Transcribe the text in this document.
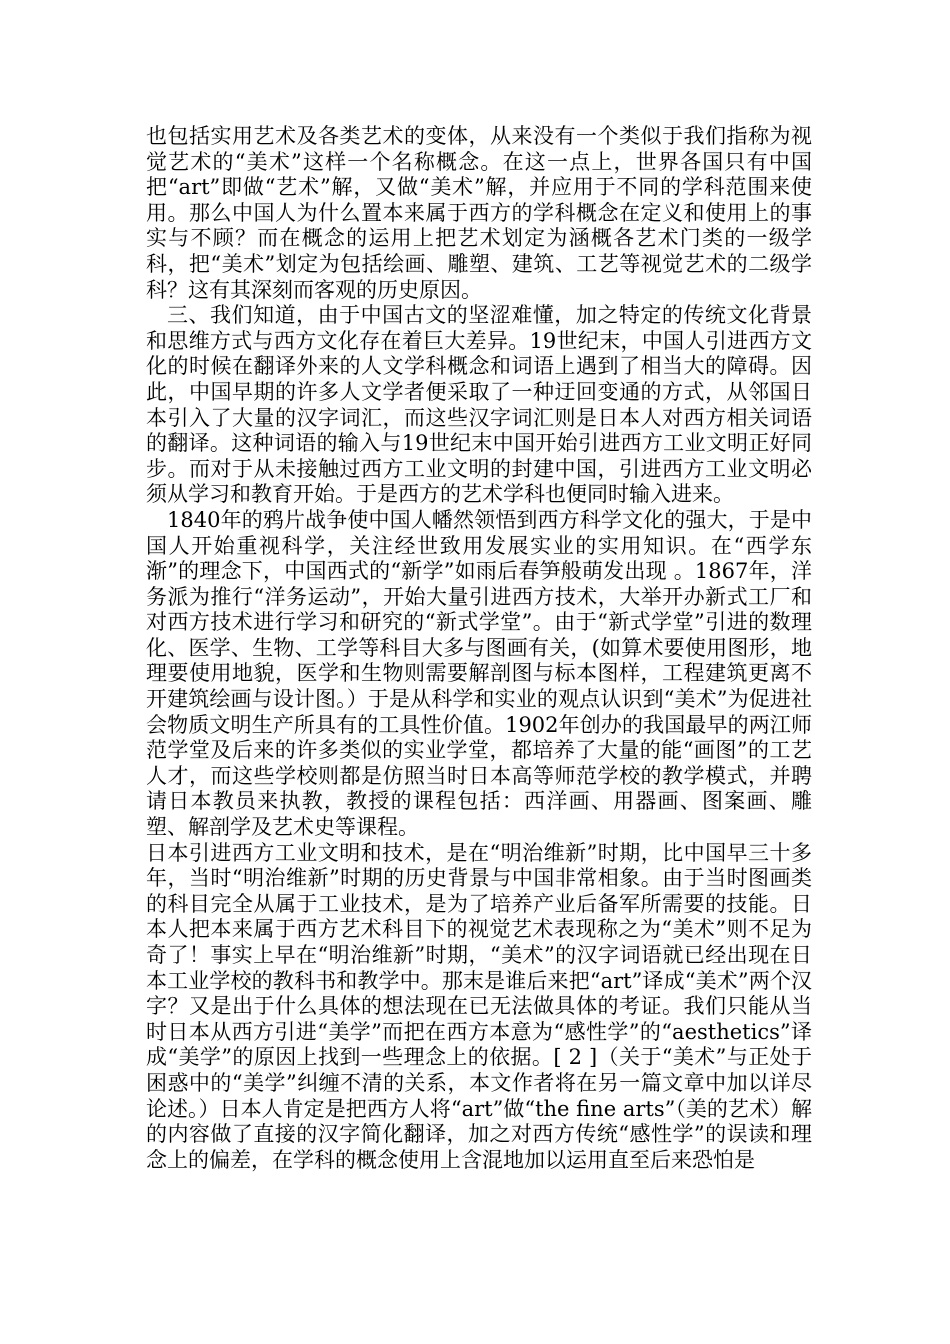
也包括实用艺术及各类艺术的变体，从来没有一个类似于我们指称为视觉艺术的“美术”这样一个名称概念。在这一点上，世界各国只有中国把“art”即做“艺术”解，又做“美术”解，并应用于不同的学科范围来使用。那么中国人为什么置本来属于西方的学科概念在定义和使用上的事实与不顾？而在概念的运用上把艺术划定为涵概各艺术门类的一级学科，把“美术”划定为包括绘画、雕塑、建筑、工艺等视觉艺术的二级学科？这有其深刻而客观的历史原因。

三、我们知道，由于中国古文的坚涩难懂，加之特定的传统文化背景和思维方式与西方文化存在着巨大差异。19世纪末，中国人引进西方文化的时候在翻译外来的人文学科概念和词语上遇到了相当大的障碍。因此，中国早期的许多人文学者便采取了一种迂回变通的方式，从邻国日本引入了大量的汉字词汇，而这些汉字词汇则是日本人对西方相关词语的翻译。这种词语的输入与19世纪末中国开始引进西方工业文明正好同步。而对于从未接触过西方工业文明的封建中国，引进西方工业文明必须从学习和教育开始。于是西方的艺术学科也便同时输入进来。

1840年的鸦片战争使中国人幡然领悟到西方科学文化的强大，于是中国人开始重视科学，关注经世致用发展实业的实用知识。在“西学东渐”的理念下，中国西式的“新学”如雨后春笋般萌发出现 。1867年，洋务派为推行“洋务运动”，开始大量引进西方技术，大举开办新式工厂和对西方技术进行学习和研究的“新式学堂”。由于“新式学堂”引进的数理化、医学、生物、工学等科目大多与图画有关，(如算术要使用图形，地理要使用地貌，医学和生物则需要解剖图与标本图样，工程建筑更离不开建筑绘画与设计图。）于是从科学和实业的观点认识到“美术”为促进社会物质文明生产所具有的工具性价值。1902年创办的我国最早的两江师范学堂及后来的许多类似的实业学堂，都培养了大量的能“画图”的工艺人才，而这些学校则都是仿照当时日本高等师范学校的教学模式，并聘请日本教员来执教，教授的课程包括：西洋画、用器画、图案画、雕塑、解剖学及艺术史等课程。

日本引进西方工业文明和技术，是在“明治维新”时期，比中国早三十多年，当时“明治维新”时期的历史背景与中国非常相象。由于当时图画类的科目完全从属于工业技术，是为了培养产业后备军所需要的技能。日本人把本来属于西方艺术科目下的视觉艺术表现称之为“美术”则不足为奇了！事实上早在“明治维新”时期，“美术”的汉字词语就已经出现在日本工业学校的教科书和教学中。那末是谁后来把“art”译成“美术”两个汉字？又是出于什么具体的想法现在已无法做具体的考证。我们只能从当时日本从西方引进“美学”而把在西方本意为“感性学”的“aesthetics”译成“美学”的原因上找到一些理念上的依据。[ 2 ]（关于“美术”与正处于困惑中的“美学”纠缠不清的关系，本文作者将在另一篇文章中加以详尽论述。）日本人肯定是把西方人将“art”做“the fine arts”（美的艺术）解的内容做了直接的汉字简化翻译，加之对西方传统“感性学”的误读和理念上的偏差，在学科的概念使用上含混地加以运用直至后来恐怕是
